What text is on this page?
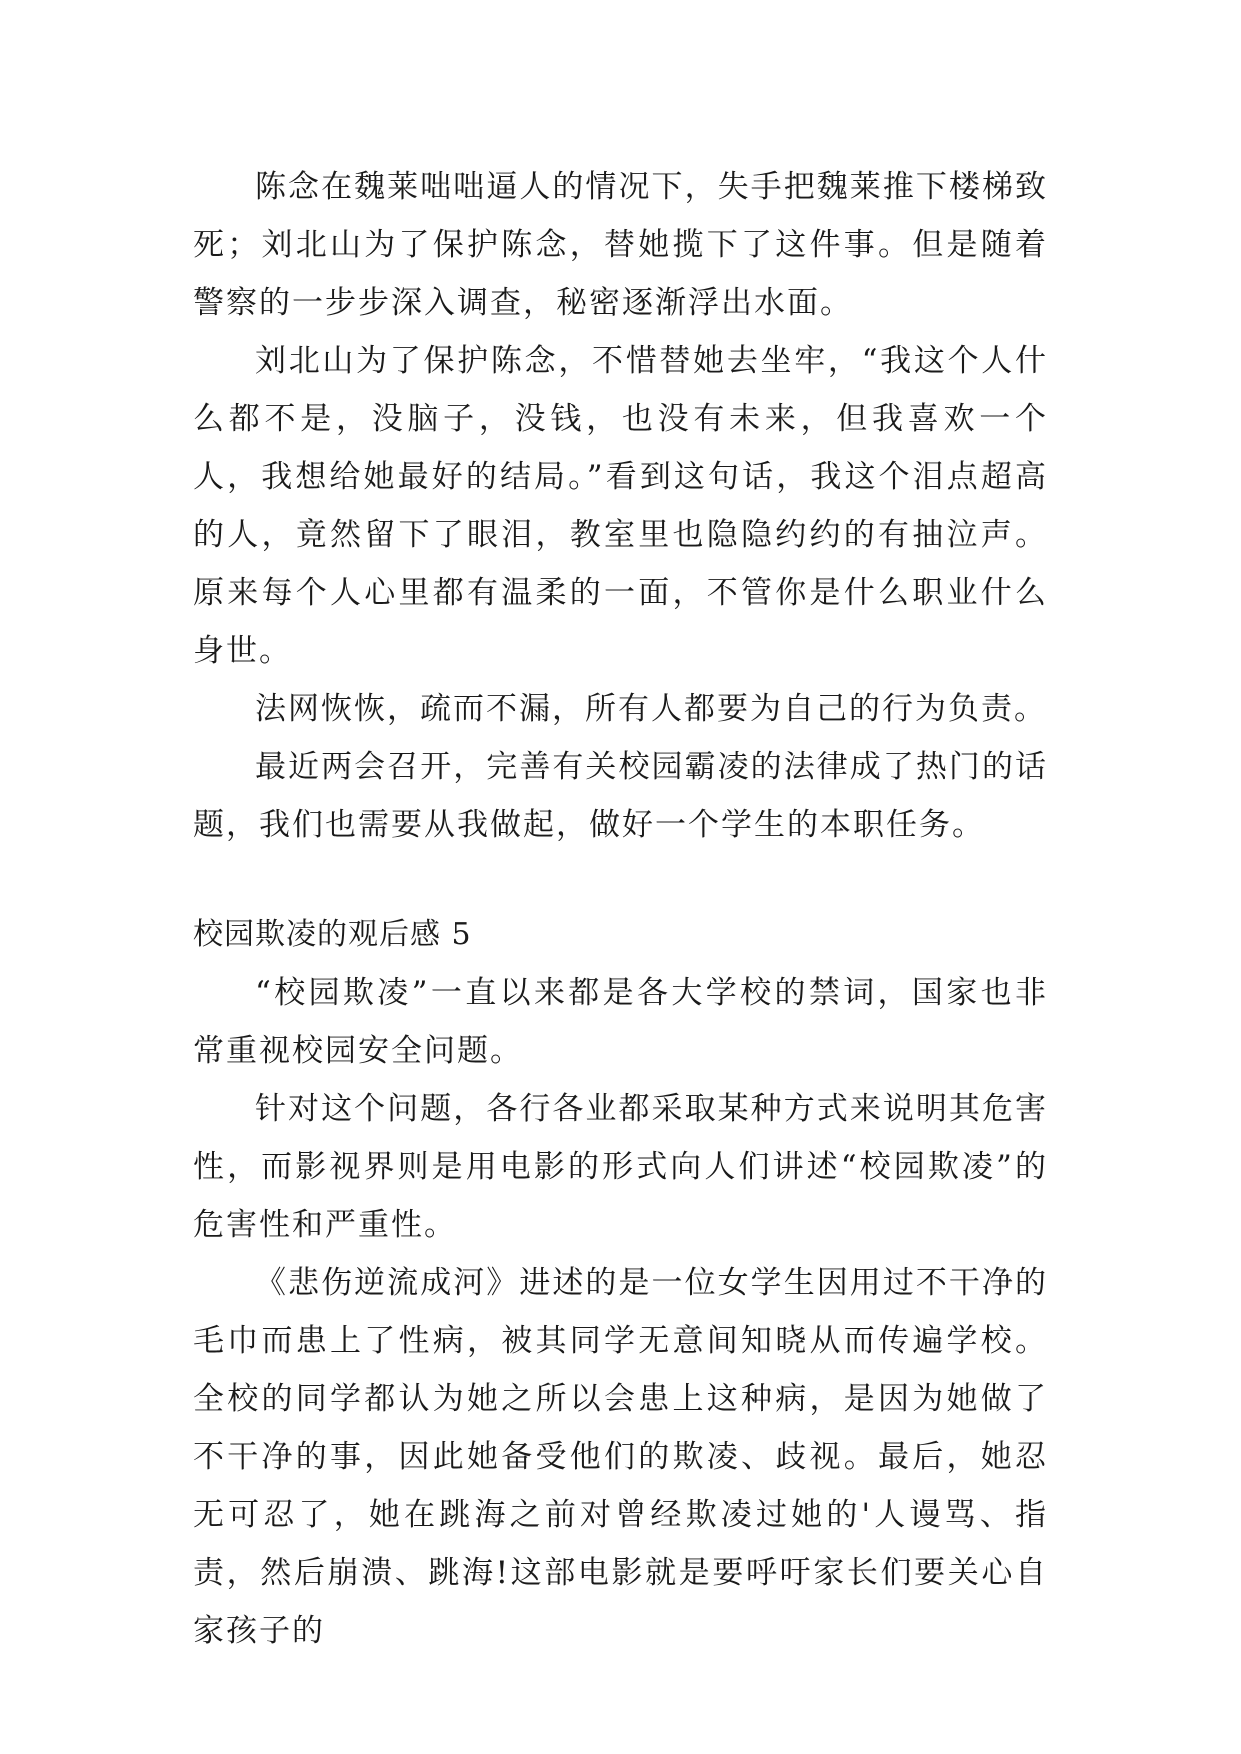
陈念在魏莱咄咄逼人的情况下，失手把魏莱推下楼梯致死；刘北山为了保护陈念，替她揽下了这件事。但是随着警察的一步步深入调查，秘密逐渐浮出水面。

刘北山为了保护陈念，不惜替她去坐牢，“我这个人什么都不是，没脑子，没钱，也没有未来，但我喜欢一个人，我想给她最好的结局。”看到这句话，我这个泪点超高的人，竟然留下了眼泪，教室里也隐隐约约的有抽泣声。原来每个人心里都有温柔的一面，不管你是什么职业什么身世。

法网恢恢，疏而不漏，所有人都要为自己的行为负责。

最近两会召开，完善有关校园霸凌的法律成了热门的话题，我们也需要从我做起，做好一个学生的本职任务。

校园欺凌的观后感 5

“校园欺凌”一直以来都是各大学校的禁词，国家也非常重视校园安全问题。

针对这个问题，各行各业都采取某种方式来说明其危害性，而影视界则是用电影的形式向人们讲述“校园欺凌”的危害性和严重性。

《悲伤逆流成河》进述的是一位女学生因用过不干净的毛巾而患上了性病，被其同学无意间知晓从而传遍学校。全校的同学都认为她之所以会患上这种病，是因为她做了不干净的事，因此她备受他们的欺凌、歧视。最后，她忍无可忍了，她在跳海之前对曾经欺凌过她的'人谩骂、指责，然后崩溃、跳海!这部电影就是要呼吁家长们要关心自家孩子的
